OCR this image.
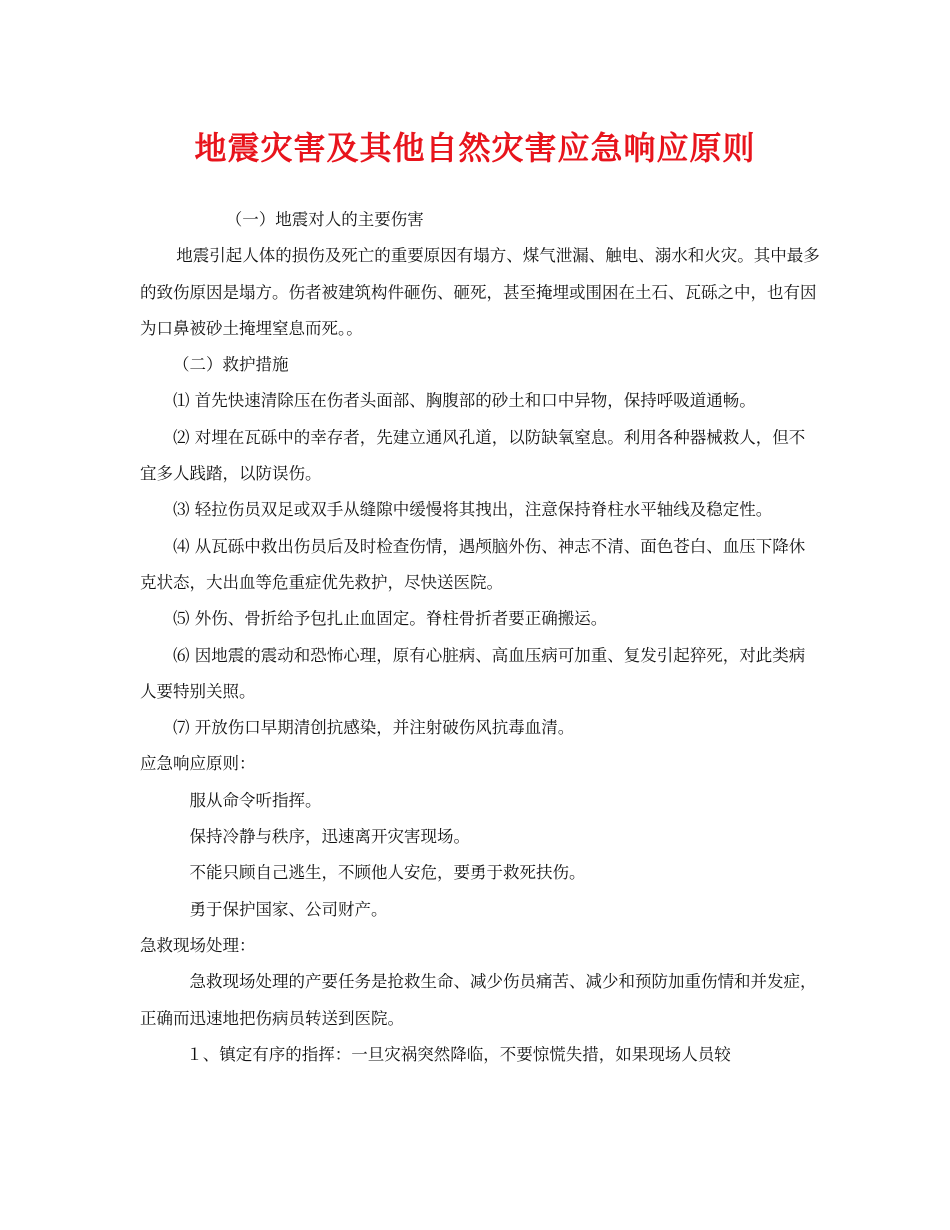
地震灾害及其他自然灾害应急响应原则

（一）地震对人的主要伤害

地震引起人体的损伤及死亡的重要原因有塌方、煤气泄漏、触电、溺水和火灾。其中最多的致伤原因是塌方。伤者被建筑构件砸伤、砸死，甚至掩埋或围困在土石、瓦砾之中，也有因为口鼻被砂土掩埋窒息而死。。

（二）救护措施

⑴ 首先快速清除压在伤者头面部、胸腹部的砂土和口中异物，保持呼吸道通畅。

⑵ 对埋在瓦砾中的幸存者，先建立通风孔道，以防缺氧窒息。利用各种器械救人，但不宜多人践踏，以防误伤。

⑶ 轻拉伤员双足或双手从缝隙中缓慢将其拽出，注意保持脊柱水平轴线及稳定性。

⑷ 从瓦砾中救出伤员后及时检查伤情，遇颅脑外伤、神志不清、面色苍白、血压下降休克状态，大出血等危重症优先救护，尽快送医院。

⑸ 外伤、骨折给予包扎止血固定。脊柱骨折者要正确搬运。

⑹ 因地震的震动和恐怖心理，原有心脏病、高血压病可加重、复发引起猝死，对此类病人要特别关照。

⑺ 开放伤口早期清创抗感染，并注射破伤风抗毒血清。

应急响应原则：

服从命令听指挥。

保持冷静与秩序，迅速离开灾害现场。

不能只顾自己逃生，不顾他人安危，要勇于救死扶伤。

勇于保护国家、公司财产。

急救现场处理：

急救现场处理的产要任务是抢救生命、减少伤员痛苦、减少和预防加重伤情和并发症，正确而迅速地把伤病员转送到医院。

１、镇定有序的指挥：一旦灾祸突然降临，不要惊慌失措，如果现场人员较
